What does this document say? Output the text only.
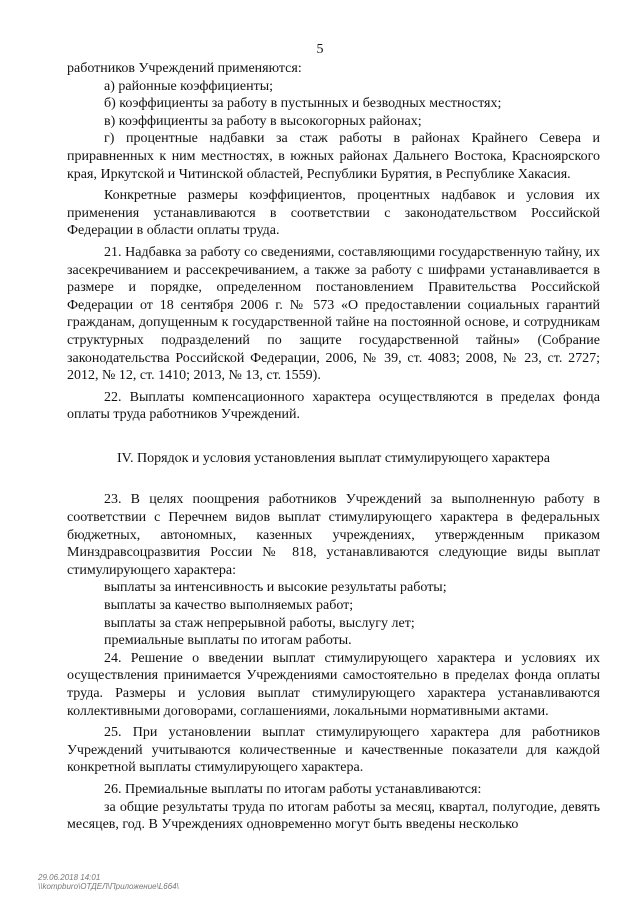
5

работников Учреждений применяются:

а) районные коэффициенты;

б) коэффициенты за работу в пустынных и безводных местностях;

в) коэффициенты за работу в высокогорных районах;

г) процентные надбавки за стаж работы в районах Крайнего Севера и приравненных к ним местностях, в южных районах Дальнего Востока, Красноярского края, Иркутской и Читинской областей, Республики Бурятия, в Республике Хакасия.

Конкретные размеры коэффициентов, процентных надбавок и условия их применения устанавливаются в соответствии с законодательством Российской Федерации в области оплаты труда.

21. Надбавка за работу со сведениями, составляющими государственную тайну, их засекречиванием и рассекречиванием, а также за работу с шифрами устанавливается в размере и порядке, определенном постановлением Правительства Российской Федерации от 18 сентября 2006 г. № 573 «О предоставлении социальных гарантий гражданам, допущенным к государственной тайне на постоянной основе, и сотрудникам структурных подразделений по защите государственной тайны» (Собрание законодательства Российской Федерации, 2006, № 39, ст. 4083; 2008, № 23, ст. 2727; 2012, № 12, ст. 1410; 2013, № 13, ст. 1559).

22. Выплаты компенсационного характера осуществляются в пределах фонда оплаты труда работников Учреждений.

IV. Порядок и условия установления выплат стимулирующего характера

23. В целях поощрения работников Учреждений за выполненную работу в соответствии с Перечнем видов выплат стимулирующего характера в федеральных бюджетных, автономных, казенных учреждениях, утвержденным приказом Минздравсоцразвития России № 818, устанавливаются следующие виды выплат стимулирующего характера:

выплаты за интенсивность и высокие результаты работы;

выплаты за качество выполняемых работ;

выплаты за стаж непрерывной работы, выслугу лет;

премиальные выплаты по итогам работы.

24. Решение о введении выплат стимулирующего характера и условиях их осуществления принимается Учреждениями самостоятельно в пределах фонда оплаты труда. Размеры и условия выплат стимулирующего характера устанавливаются коллективными договорами, соглашениями, локальными нормативными актами.

25. При установлении выплат стимулирующего характера для работников Учреждений учитываются количественные и качественные показатели для каждой конкретной выплаты стимулирующего характера.

26. Премиальные выплаты по итогам работы устанавливаются:

за общие результаты труда по итогам работы за месяц, квартал, полугодие, девять месяцев, год. В Учреждениях одновременно могут быть введены несколько

29.06.2018 14:01
\\kompburo\ОТДЕЛ\Приложение\L664\
